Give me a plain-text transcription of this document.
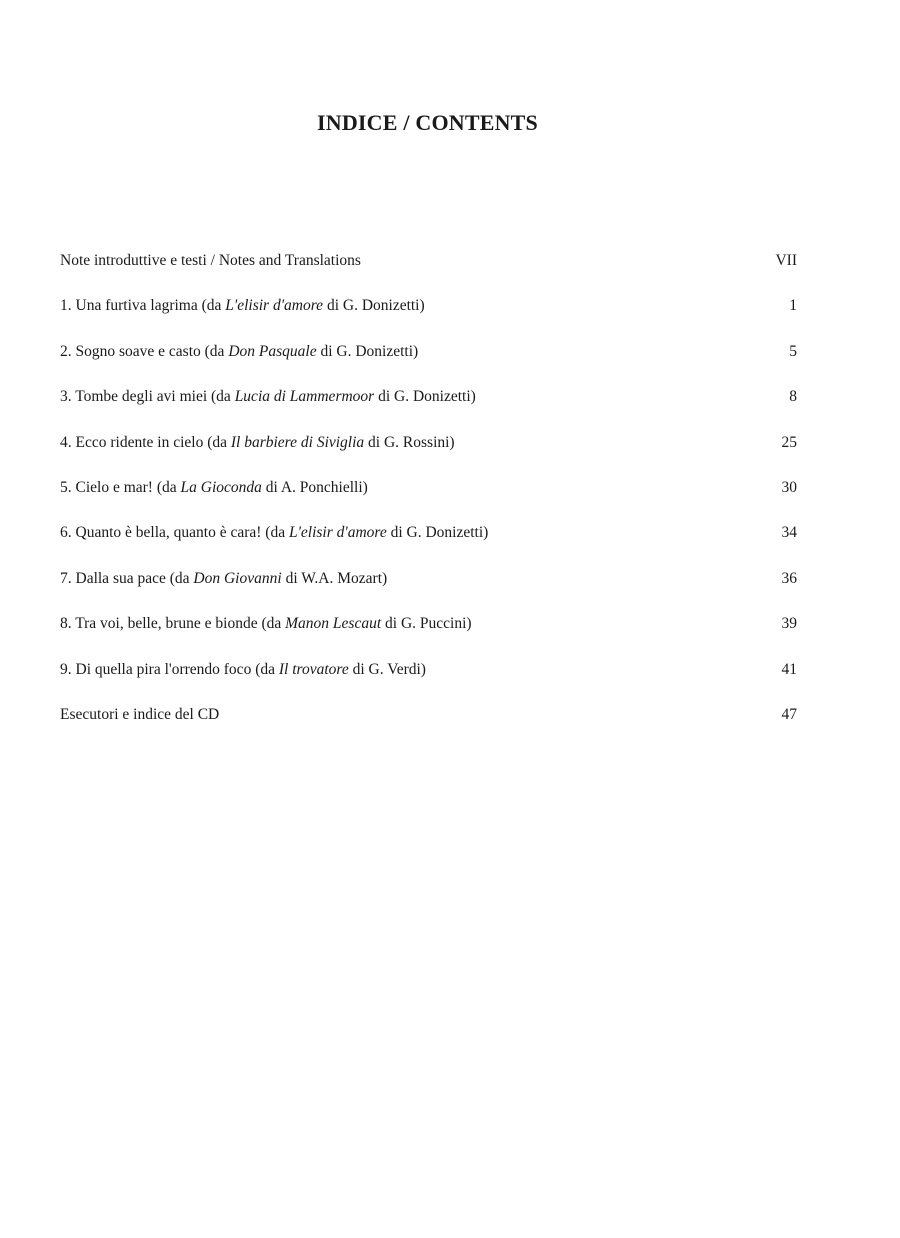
INDICE / CONTENTS
Note introduttive e testi / Notes and Translations	VII
1. Una furtiva lagrima (da L'elisir d'amore di G. Donizetti)	1
2. Sogno soave e casto (da Don Pasquale di G. Donizetti)	5
3. Tombe degli avi miei (da Lucia di Lammermoor di G. Donizetti)	8
4. Ecco ridente in cielo (da Il barbiere di Siviglia di G. Rossini)	25
5. Cielo e mar! (da La Gioconda di A. Ponchielli)	30
6. Quanto è bella, quanto è cara! (da L'elisir d'amore di G. Donizetti)	34
7. Dalla sua pace (da Don Giovanni di W.A. Mozart)	36
8. Tra voi, belle, brune e bionde (da Manon Lescaut di G. Puccini)	39
9. Di quella pira l'orrendo foco (da Il trovatore di G. Verdi)	41
Esecutori e indice del CD	47
